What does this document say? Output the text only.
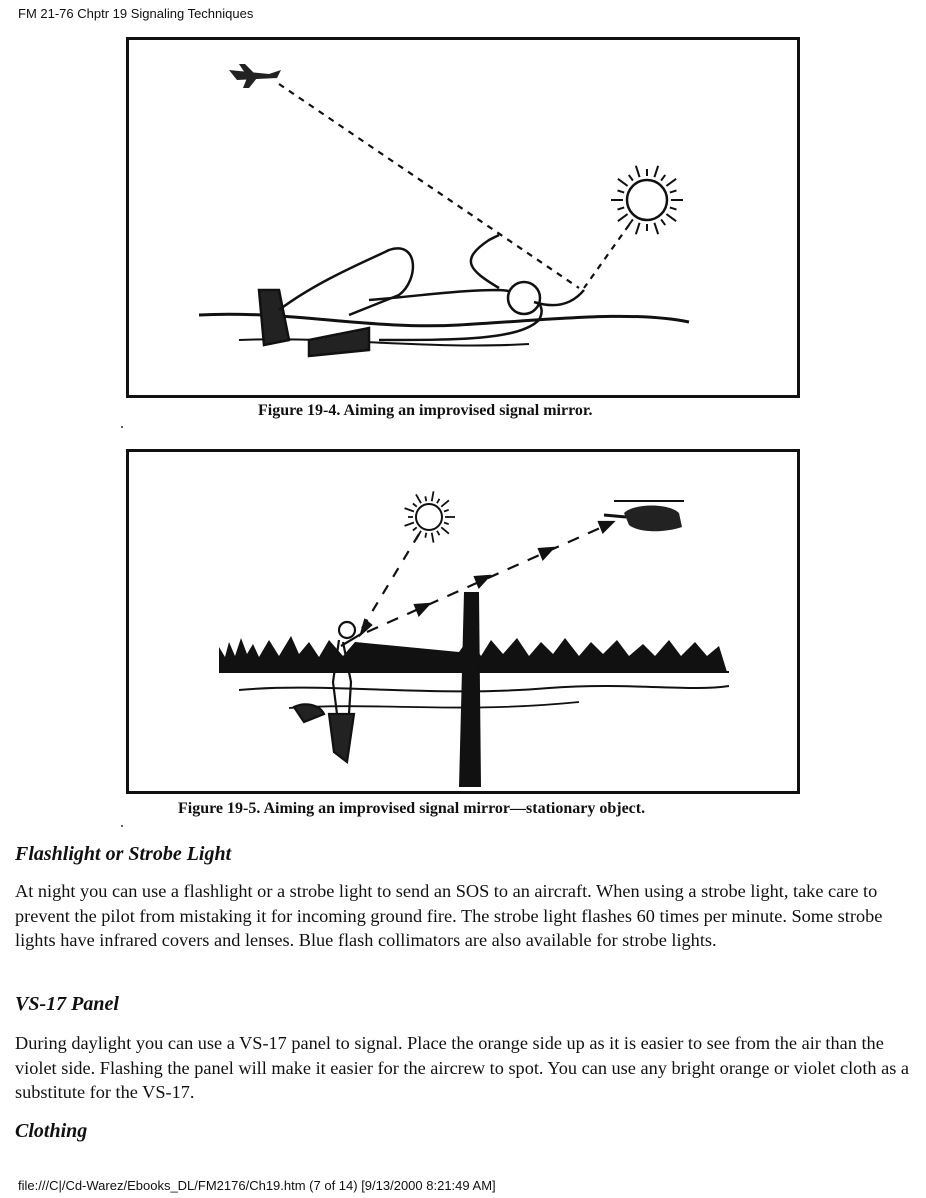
FM 21-76 Chptr 19 Signaling Techniques
Figure 19-4. Aiming an improvised signal mirror.
Figure 19-5. Aiming an improvised signal mirror—stationary object.
Flashlight or Strobe Light

At night you can use a flashlight or a strobe light to send an SOS to an aircraft. When using a strobe light, take care to prevent the pilot from mistaking it for incoming ground fire. The strobe light flashes 60 times per minute. Some strobe lights have infrared covers and lenses. Blue flash collimators are also available for strobe lights.

VS-17 Panel

During daylight you can use a VS-17 panel to signal. Place the orange side up as it is easier to see from the air than the violet side. Flashing the panel will make it easier for the aircrew to spot. You can use any bright orange or violet cloth as a substitute for the VS-17.

Clothing
file:///C|/Cd-Warez/Ebooks_DL/FM2176/Ch19.htm (7 of 14) [9/13/2000 8:21:49 AM]
